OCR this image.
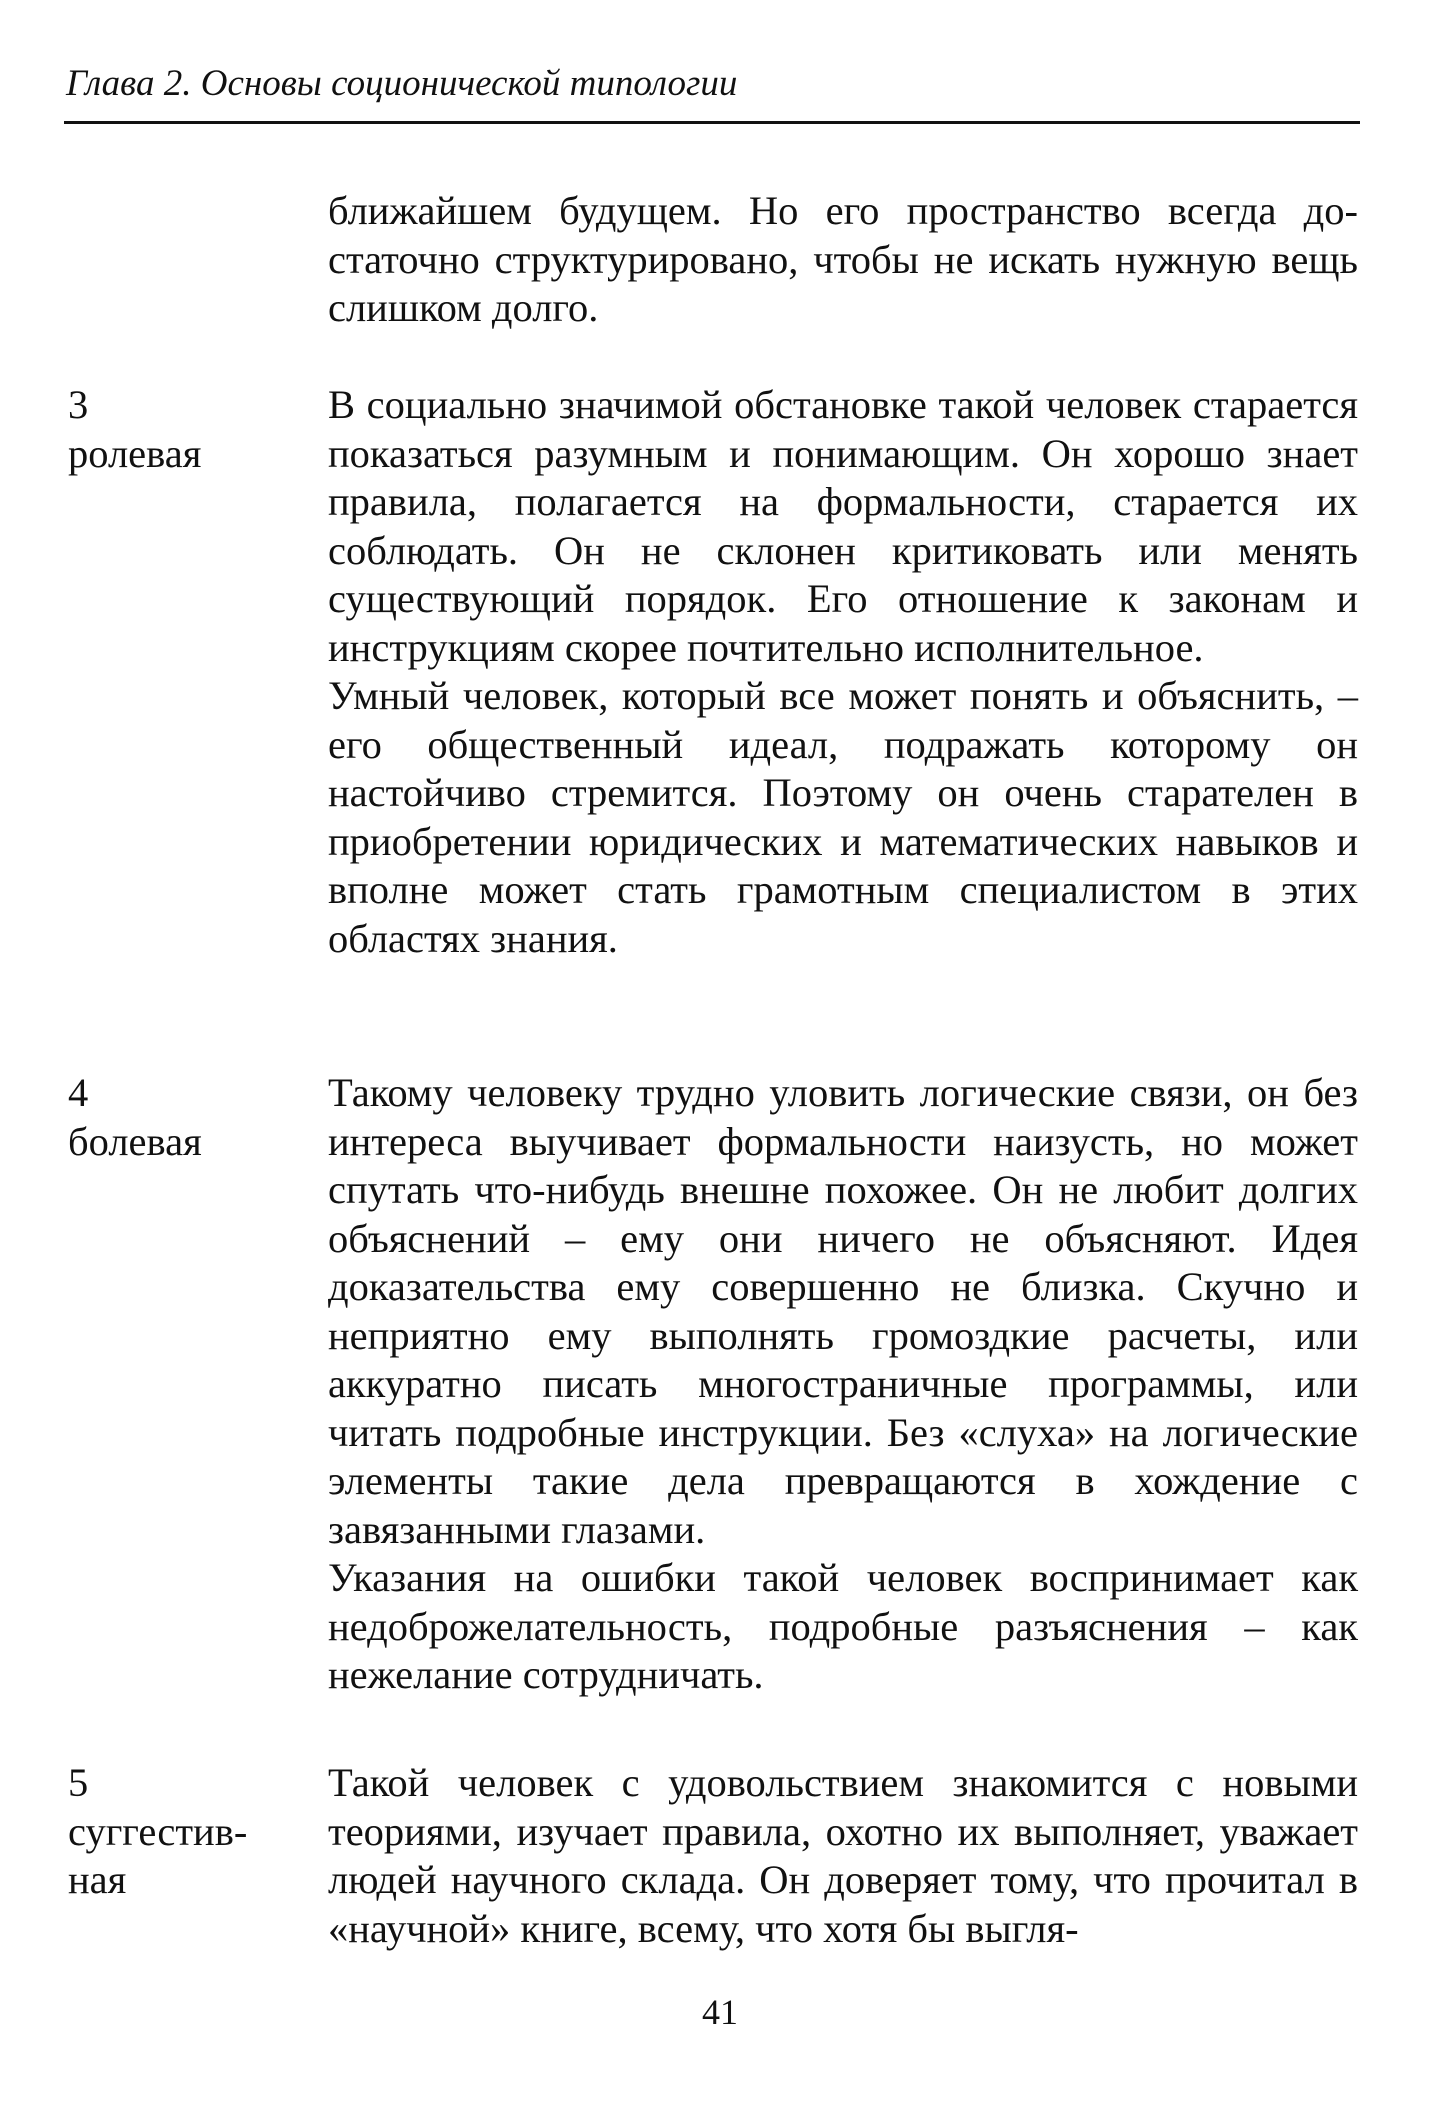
Глава 2. Основы соционической типологии

ближайшем будущем. Но его пространство всегда достаточно структурировано, чтобы не искать нужную вещь слишком долго.

3
ролевая

В социально значимой обстановке такой человек старается показаться разумным и понимающим. Он хорошо знает правила, полагается на формальности, старается их соблюдать. Он не склонен критиковать или менять существующий порядок. Его отношение к законам и инструкциям скорее почтительно исполнительное.

Умный человек, который все может понять и объяснить, – его общественный идеал, подражать которому он настойчиво стремится. Поэтому он очень старателен в приобретении юридических и математических навыков и вполне может стать грамотным специалистом в этих областях знания.

4
болевая

Такому человеку трудно уловить логические связи, он без интереса выучивает формальности наизусть, но может спутать что-нибудь внешне похожее. Он не любит долгих объяснений – ему они ничего не объясняют. Идея доказательства ему совершенно не близка. Скучно и неприятно ему выполнять громоздкие расчеты, или аккуратно писать многостраничные программы, или читать подробные инструкции. Без «слуха» на логические элементы такие дела превращаются в хождение с завязанными глазами.

Указания на ошибки такой человек воспринимает как недоброжелательность, подробные разъяснения – как нежелание сотрудничать.

5
суггестив-
ная

Такой человек с удовольствием знакомится с новыми теориями, изучает правила, охотно их выполняет, уважает людей научного склада. Он доверяет тому, что прочитал в «научной» книге, всему, что хотя бы выгля-

41
